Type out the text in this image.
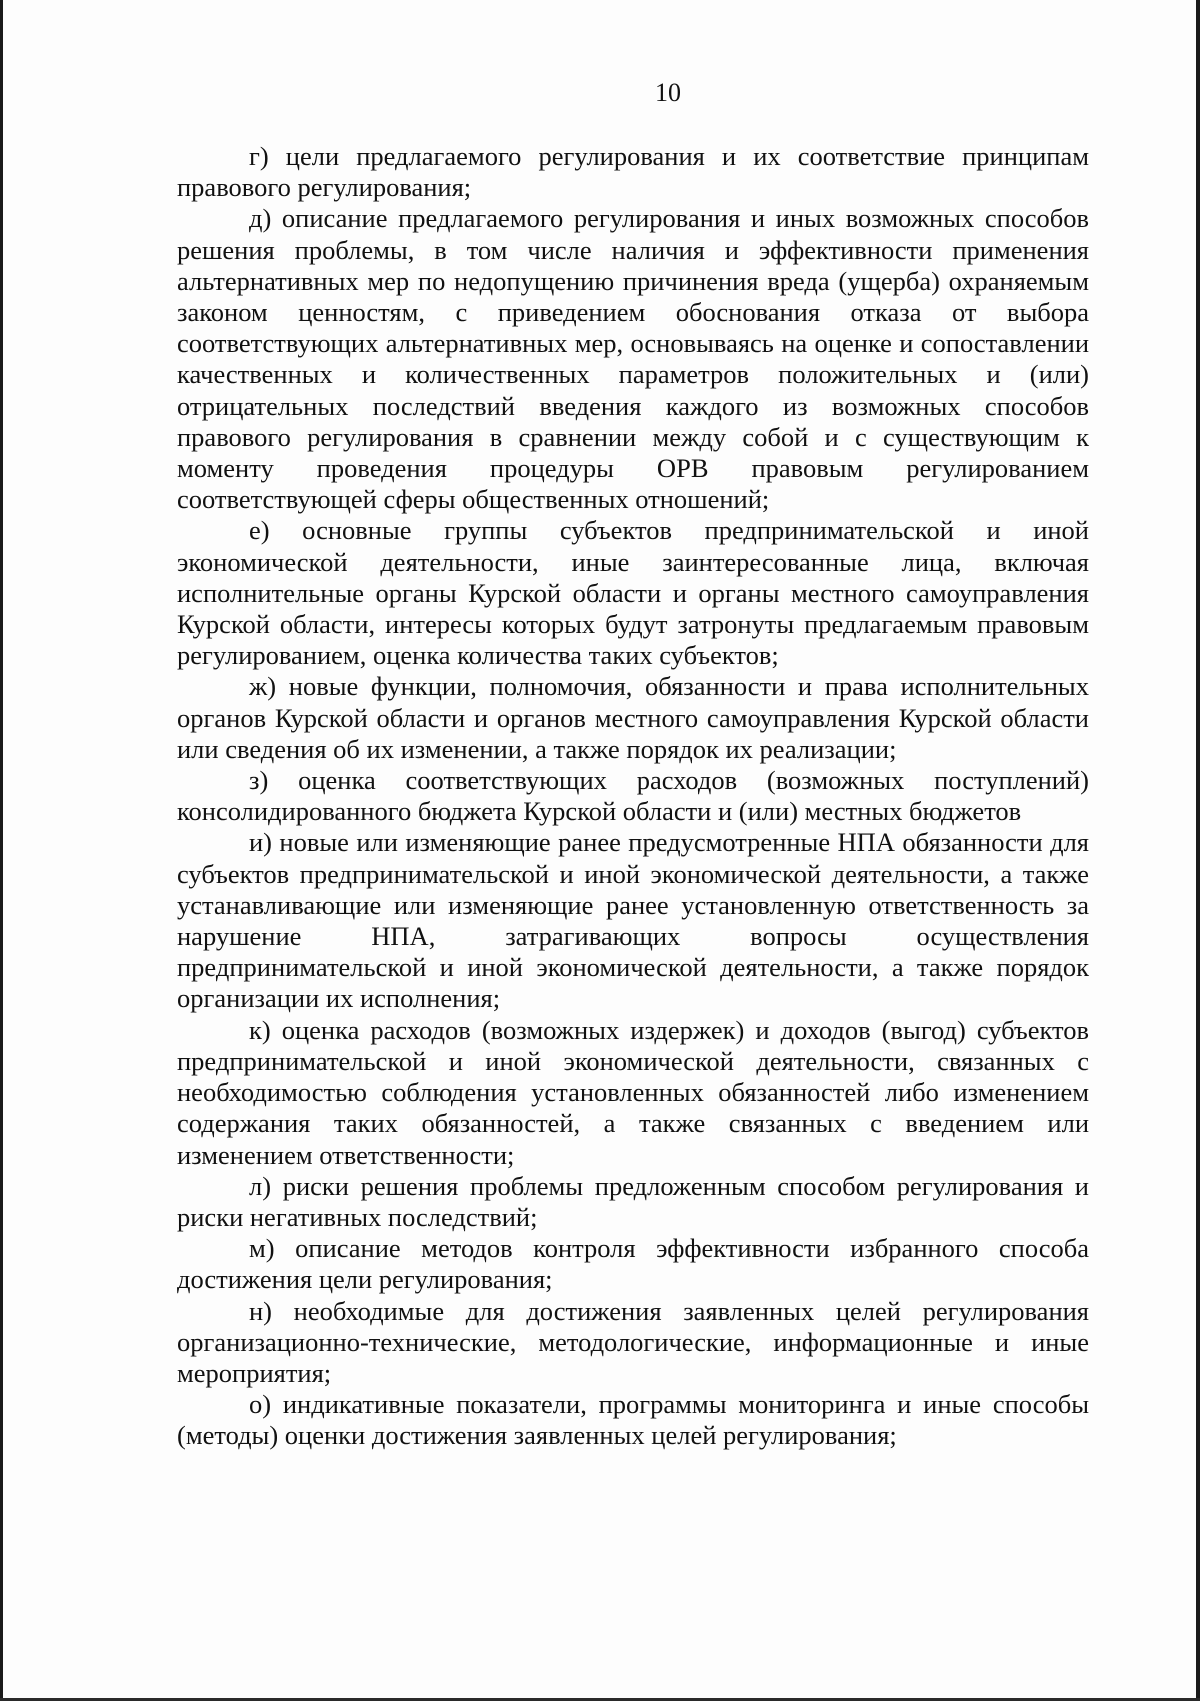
10

г) цели предлагаемого регулирования и их соответствие принципам правового регулирования;

д) описание предлагаемого регулирования и иных возможных способов решения проблемы, в том числе наличия и эффективности применения альтернативных мер по недопущению причинения вреда (ущерба) охраняемым законом ценностям, с приведением обоснования отказа от выбора соответствующих альтернативных мер, основываясь на оценке и сопоставлении качественных и количественных параметров положительных и (или) отрицательных последствий введения каждого из возможных способов правового регулирования в сравнении между собой и с существующим к моменту проведения процедуры ОРВ правовым регулированием соответствующей сферы общественных отношений;

е) основные группы субъектов предпринимательской и иной экономической деятельности, иные заинтересованные лица, включая исполнительные органы Курской области и органы местного самоуправления Курской области, интересы которых будут затронуты предлагаемым правовым регулированием, оценка количества таких субъектов;

ж) новые функции, полномочия, обязанности и права исполнительных органов Курской области и органов местного самоуправления Курской области или сведения об их изменении, а также порядок их реализации;

з) оценка соответствующих расходов (возможных поступлений) консолидированного бюджета Курской области и (или) местных бюджетов

и) новые или изменяющие ранее предусмотренные НПА обязанности для субъектов предпринимательской и иной экономической деятельности, а также устанавливающие или изменяющие ранее установленную ответственность за нарушение НПА, затрагивающих вопросы осуществления предпринимательской и иной экономической деятельности, а также порядок организации их исполнения;

к) оценка расходов (возможных издержек) и доходов (выгод) субъектов предпринимательской и иной экономической деятельности, связанных с необходимостью соблюдения установленных обязанностей либо изменением содержания таких обязанностей, а также связанных с введением или изменением ответственности;

л) риски решения проблемы предложенным способом регулирования и риски негативных последствий;

м) описание методов контроля эффективности избранного способа достижения цели регулирования;

н) необходимые для достижения заявленных целей регулирования организационно-технические, методологические, информационные и иные мероприятия;

о) индикативные показатели, программы мониторинга и иные способы (методы) оценки достижения заявленных целей регулирования;
